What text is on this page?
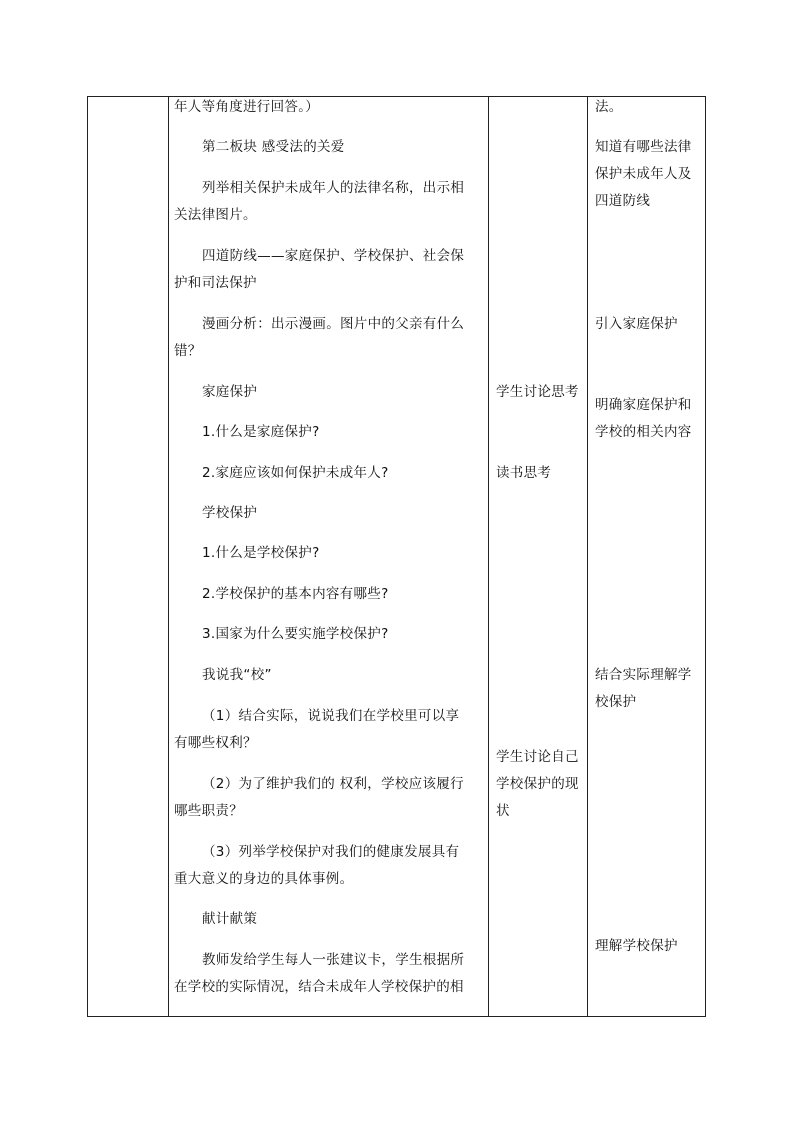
年人等角度进行回答。）
第二板块 感受法的关爱
列举相关保护未成年人的法律名称，出示相
关法律图片。
四道防线——家庭保护、学校保护、社会保
护和司法保护
漫画分析：出示漫画。图片中的父亲有什么
错？
家庭保护
1.什么是家庭保护?
2.家庭应该如何保护未成年人?
学校保护
1.什么是学校保护?
2.学校保护的基本内容有哪些?
3.国家为什么要实施学校保护?
我说我“校”
（1）结合实际，说说我们在学校里可以享
有哪些权利？
（2）为了维护我们的 权利，学校应该履行
哪些职责？
（3）列举学校保护对我们的健康发展具有
重大意义的身边的具体事例。
献计献策
教师发给学生每人一张建议卡，学生根据所
在学校的实际情况，结合未成年人学校保护的相
学生讨论思考
读书思考
学生讨论自己
学校保护的现
状
法。
知道有哪些法律
保护未成年人及
四道防线
引入家庭保护
明确家庭保护和
学校的相关内容
结合实际理解学
校保护
理解学校保护
